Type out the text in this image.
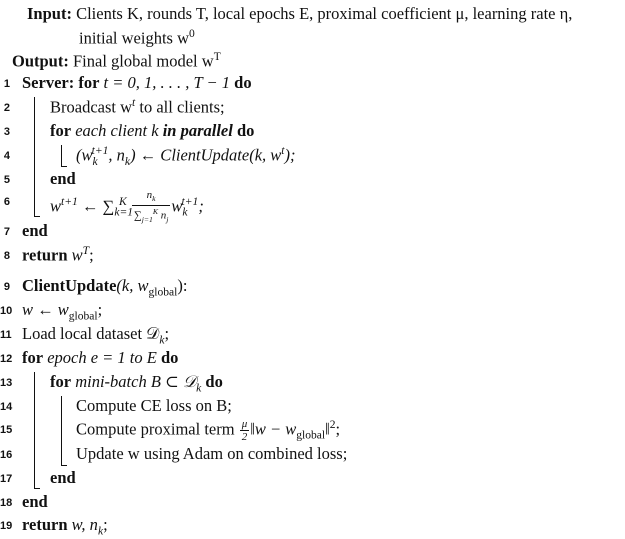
Input: Clients K, rounds T, local epochs E, proximal coefficient μ, learning rate η,
initial weights $w^0$
Output: Final global model $w^T$
1 Server: for t = 0, 1, . . . , T − 1 do
2 Broadcast $w^t$ to all clients;
3 for each client k in parallel do
4	($w_k^{t+1}$, $n_k$) ← ClientUpdate(k, $w^t$);
5 end
6 $w^{t+1}$ ← $\sum_{k=1}^K \frac{n_k}{\sum_{j=1}^K n_j} w_k^{t+1}$;
7 end
8 return $w^T$;
9 ClientUpdate(k, $w_{global}$):
10 w ← $w_{global}$;
11 Load local dataset 𝒟$_k$;
12 for epoch e = 1 to E do
13 for mini-batch B ⊂ 𝒟$_k$ do
14	Compute CE loss on B;
15	Compute proximal term $\frac{\mu}{2}$ ‖w − $w_{global}‖^2$;
16	Update w using Adam on combined loss;
17 end
18 end
19 return w, $n_k$;
